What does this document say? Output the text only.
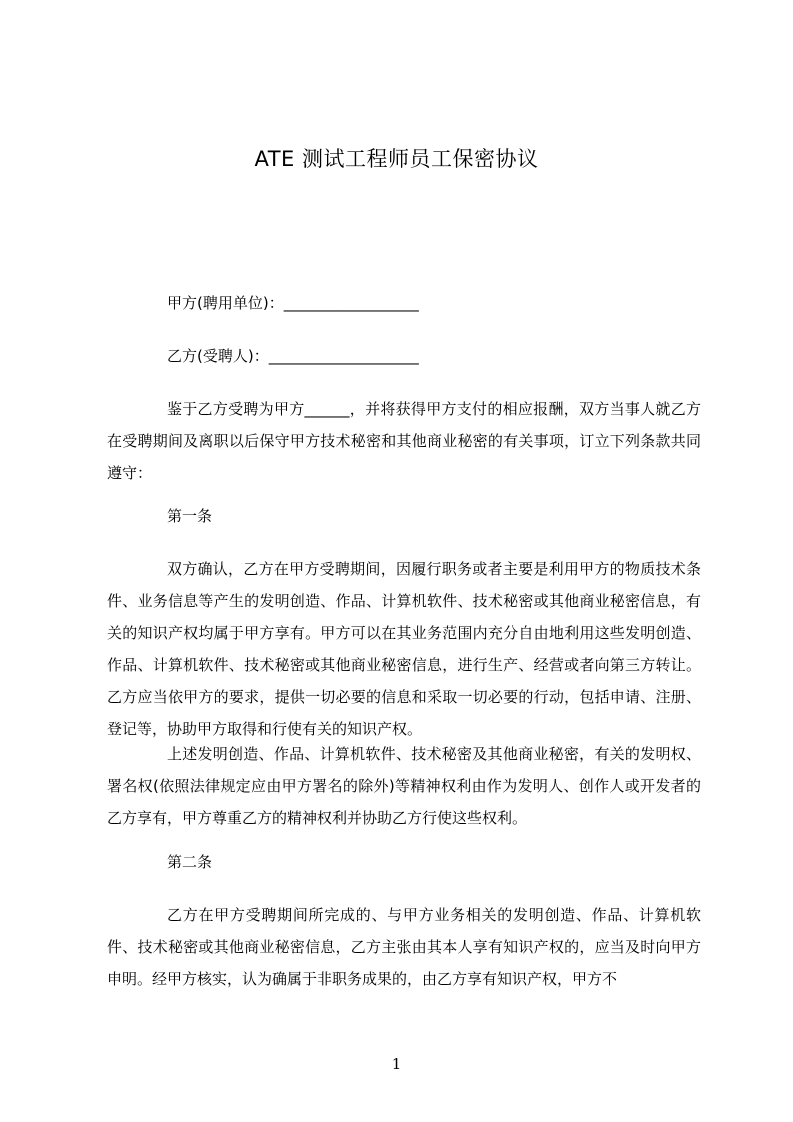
ATE 测试工程师员工保密协议
甲方(聘用单位)：__________________
乙方(受聘人)：____________________
鉴于乙方受聘为甲方______，并将获得甲方支付的相应报酬，双方当事人就乙方在受聘期间及离职以后保守甲方技术秘密和其他商业秘密的有关事项，订立下列条款共同遵守：
第一条
双方确认，乙方在甲方受聘期间，因履行职务或者主要是利用甲方的物质技术条件、业务信息等产生的发明创造、作品、计算机软件、技术秘密或其他商业秘密信息，有关的知识产权均属于甲方享有。甲方可以在其业务范围内充分自由地利用这些发明创造、作品、计算机软件、技术秘密或其他商业秘密信息，进行生产、经营或者向第三方转让。乙方应当依甲方的要求，提供一切必要的信息和采取一切必要的行动，包括申请、注册、登记等，协助甲方取得和行使有关的知识产权。
上述发明创造、作品、计算机软件、技术秘密及其他商业秘密，有关的发明权、署名权(依照法律规定应由甲方署名的除外)等精神权利由作为发明人、创作人或开发者的乙方享有，甲方尊重乙方的精神权利并协助乙方行使这些权利。
第二条
乙方在甲方受聘期间所完成的、与甲方业务相关的发明创造、作品、计算机软件、技术秘密或其他商业秘密信息，乙方主张由其本人享有知识产权的，应当及时向甲方申明。经甲方核实，认为确属于非职务成果的，由乙方享有知识产权，甲方不
1
